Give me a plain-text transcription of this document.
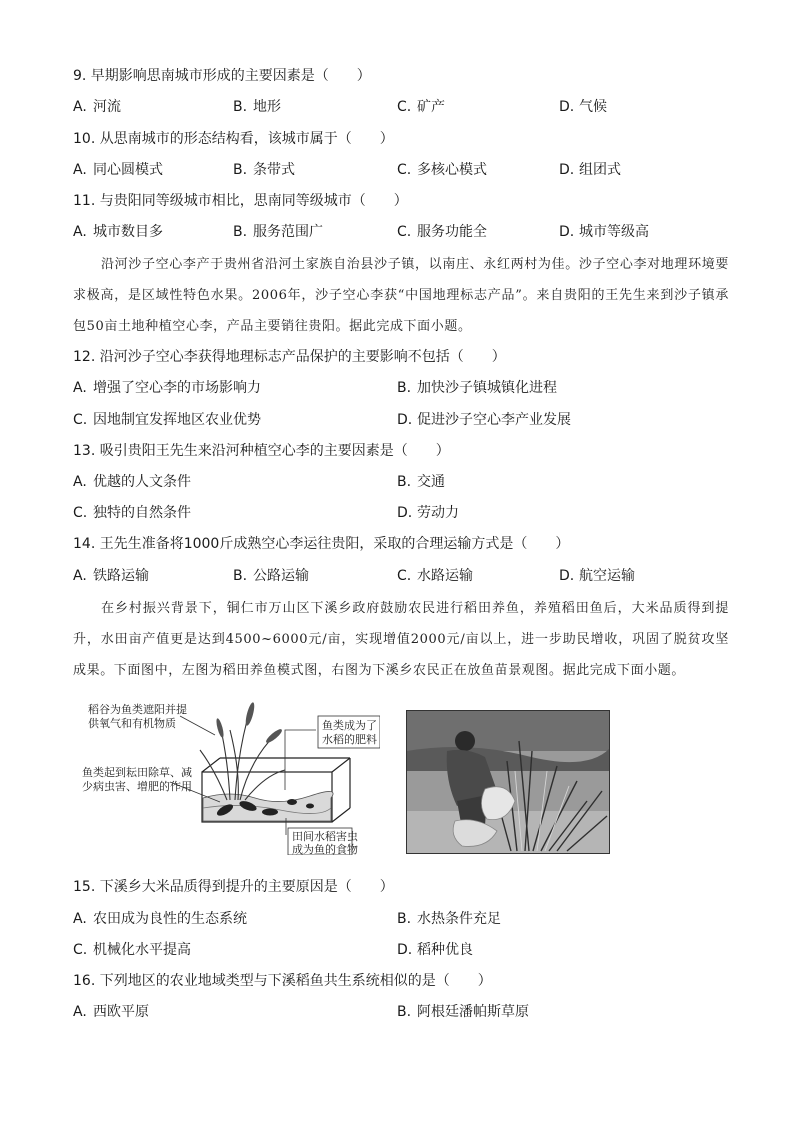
9. 早期影响思南城市形成的主要因素是（　　）
A. 河流	B. 地形	C. 矿产	D. 气候
10. 从思南城市的形态结构看，该城市属于（　　）
A. 同心圆模式	B. 条带式	C. 多核心模式	D. 组团式
11. 与贵阳同等级城市相比，思南同等级城市（　　）
A. 城市数目多	B. 服务范围广	C. 服务功能全	D. 城市等级高
沿河沙子空心李产于贵州省沿河土家族自治县沙子镇，以南庄、永红两村为佳。沙子空心李对地理环境要求极高，是区域性特色水果。2006年，沙子空心李获“中国地理标志产品”。来自贵阳的王先生来到沙子镇承包50亩土地种植空心李，产品主要销往贵阳。据此完成下面小题。
12. 沿河沙子空心李获得地理标志产品保护的主要影响不包括（　　）
A. 增强了空心李的市场影响力	B. 加快沙子镇城镇化进程
C. 因地制宜发挥地区农业优势	D. 促进沙子空心李产业发展
13. 吸引贵阳王先生来沿河种植空心李的主要因素是（　　）
A. 优越的人文条件	B. 交通
C. 独特的自然条件	D. 劳动力
14. 王先生准备将1000斤成熟空心李运往贵阳，采取的合理运输方式是（　　）
A. 铁路运输	B. 公路运输	C. 水路运输	D. 航空运输
在乡村振兴背景下，铜仁市万山区下溪乡政府鼓励农民进行稻田养鱼，养殖稻田鱼后，大米品质得到提升，水田亩产值更是达到4500~6000元/亩，实现增值2000元/亩以上，进一步助民增收，巩固了脱贫攻坚成果。下面图中，左图为稻田养鱼模式图，右图为下溪乡农民正在放鱼苗景观图。据此完成下面小题。
稻谷为鱼类遮阳并提
供氧气和有机物质	鱼类成为了
水稻的肥料
鱼类起到耘田除草、减
少病虫害、增肥的作用
田间水稻害虫
成为鱼的食物
15. 下溪乡大米品质得到提升的主要原因是（　　）
A. 农田成为良性的生态系统	B. 水热条件充足
C. 机械化水平提高	D. 稻种优良
16. 下列地区的农业地域类型与下溪稻鱼共生系统相似的是（　　）
A. 西欧平原	B. 阿根廷潘帕斯草原
